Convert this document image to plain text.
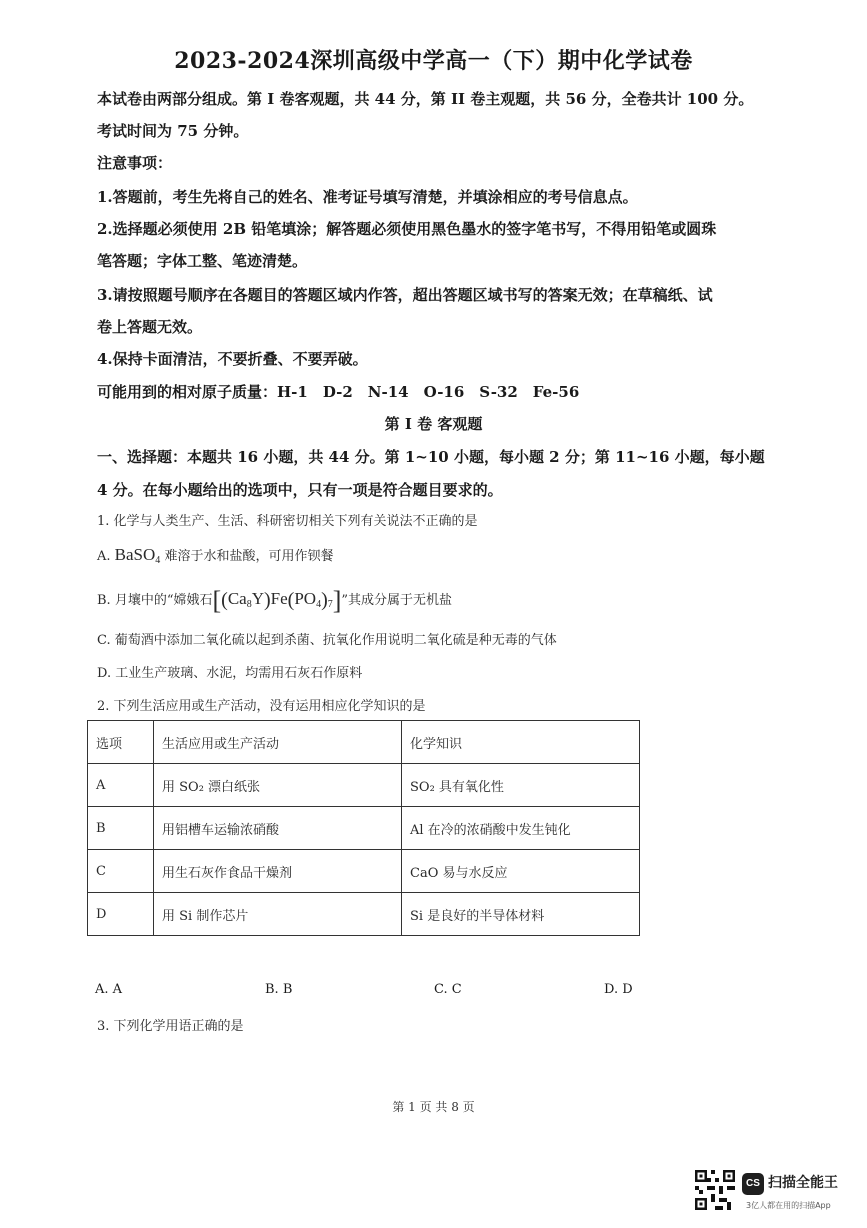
2023-2024深圳高级中学高一（下）期中化学试卷
本试卷由两部分组成。第 I 卷客观题，共 44 分，第 II 卷主观题，共 56 分，全卷共计 100 分。
考试时间为 75 分钟。
注意事项：
1.答题前，考生先将自己的姓名、准考证号填写清楚，并填涂相应的考号信息点。
2.选择题必须使用 2B 铅笔填涂；解答题必须使用黑色墨水的签字笔书写，不得用铅笔或圆珠
笔答题；字体工整、笔迹清楚。
3.请按照题号顺序在各题目的答题区域内作答，超出答题区域书写的答案无效；在草稿纸、试
卷上答题无效。
4.保持卡面清洁，不要折叠、不要弄破。
可能用到的相对原子质量：H-1　D-2　N-14　O-16　S-32　Fe-56
第 I 卷 客观题
一、选择题：本题共 16 小题，共 44 分。第 1~10 小题，每小题 2 分；第 11~16 小题，每小题
4 分。在每小题给出的选项中，只有一项是符合题目要求的。
1. 化学与人类生产、生活、科研密切相关下列有关说法不正确的是
A. BaSO$_4$ 难溶于水和盐酸，可用作钡餐
B. 月壤中的“嫦娥石$[(Ca_8Y)Fe(PO_4)_7]$”其成分属于无机盐
C. 葡萄酒中添加二氧化硫以起到杀菌、抗氧化作用说明二氧化硫是种无毒的气体
D. 工业生产玻璃、水泥，均需用石灰石作原料
2. 下列生活应用或生产活动，没有运用相应化学知识的是
选项	生活应用或生产活动	化学知识
A	用 SO₂ 漂白纸张	SO₂ 具有氧化性
B	用铝槽车运输浓硝酸	Al 在冷的浓硝酸中发生钝化
C	用生石灰作食品干燥剂	CaO 易与水反应
D	用 Si 制作芯片	Si 是良好的半导体材料
A. A	B. B	C. C	D. D
3. 下列化学用语正确的是
第 1 页 共 8 页
CS 扫描全能王
3亿人都在用的扫描App
